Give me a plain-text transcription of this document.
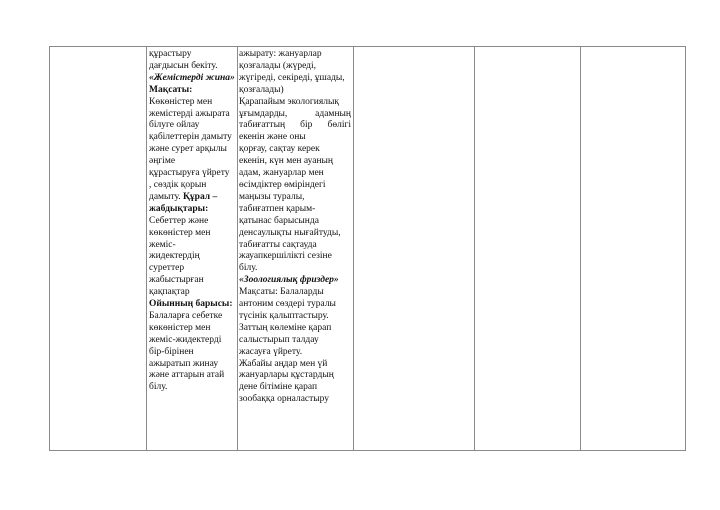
құрастыру

дағдысын бекіту.

«Жемістерді жина»

Мақсаты:

Көкөністер мен

жемістерді ажырата

білуге ойлау

қабілеттерін дамыту

және сурет арқылы

әңгіме

құрастыруға үйрету

, сөздік қорын

дамыту. Құрал –

жабдықтары:

Себеттер және

көкөністер мен

жеміс-

жидектердің

суреттер

жабыстырған

қақпақтар

Ойынның барысы:

Балаларға себетке

көкөністер мен

жеміс-жидектерді

бір-бірінен

ажыратып жинау

және аттарын атай

білу.

ажырату: жануарлар

қозғалады (жүреді,

жүгіреді, секіреді, ұшады,

қозғалады)

Қарапайым экологиялық

ұғымдарды, адамның

табиғаттың бір бөлігі

екенін және оны

қорғау, сақтау керек

екенін, күн мен ауаның

адам, жануарлар мен

өсімдіктер өміріндегі

маңызы туралы,

табиғатпен қарым-

қатынас барысында

денсаулықты нығайтуды,

табиғатты сақтауда

жауапкершілікті сезіне

білу.

«Зоологиялық фриздер»

Мақсаты: Балаларды

антоним сөздері туралы

түсінік қалыптастыру.

Заттың көлеміне қарап

салыстырып талдау

жасауға үйрету.

Жабайы аңдар мен үй

жануарлары құстардың

дене бітіміне қарап

зообаққа орналастыру
